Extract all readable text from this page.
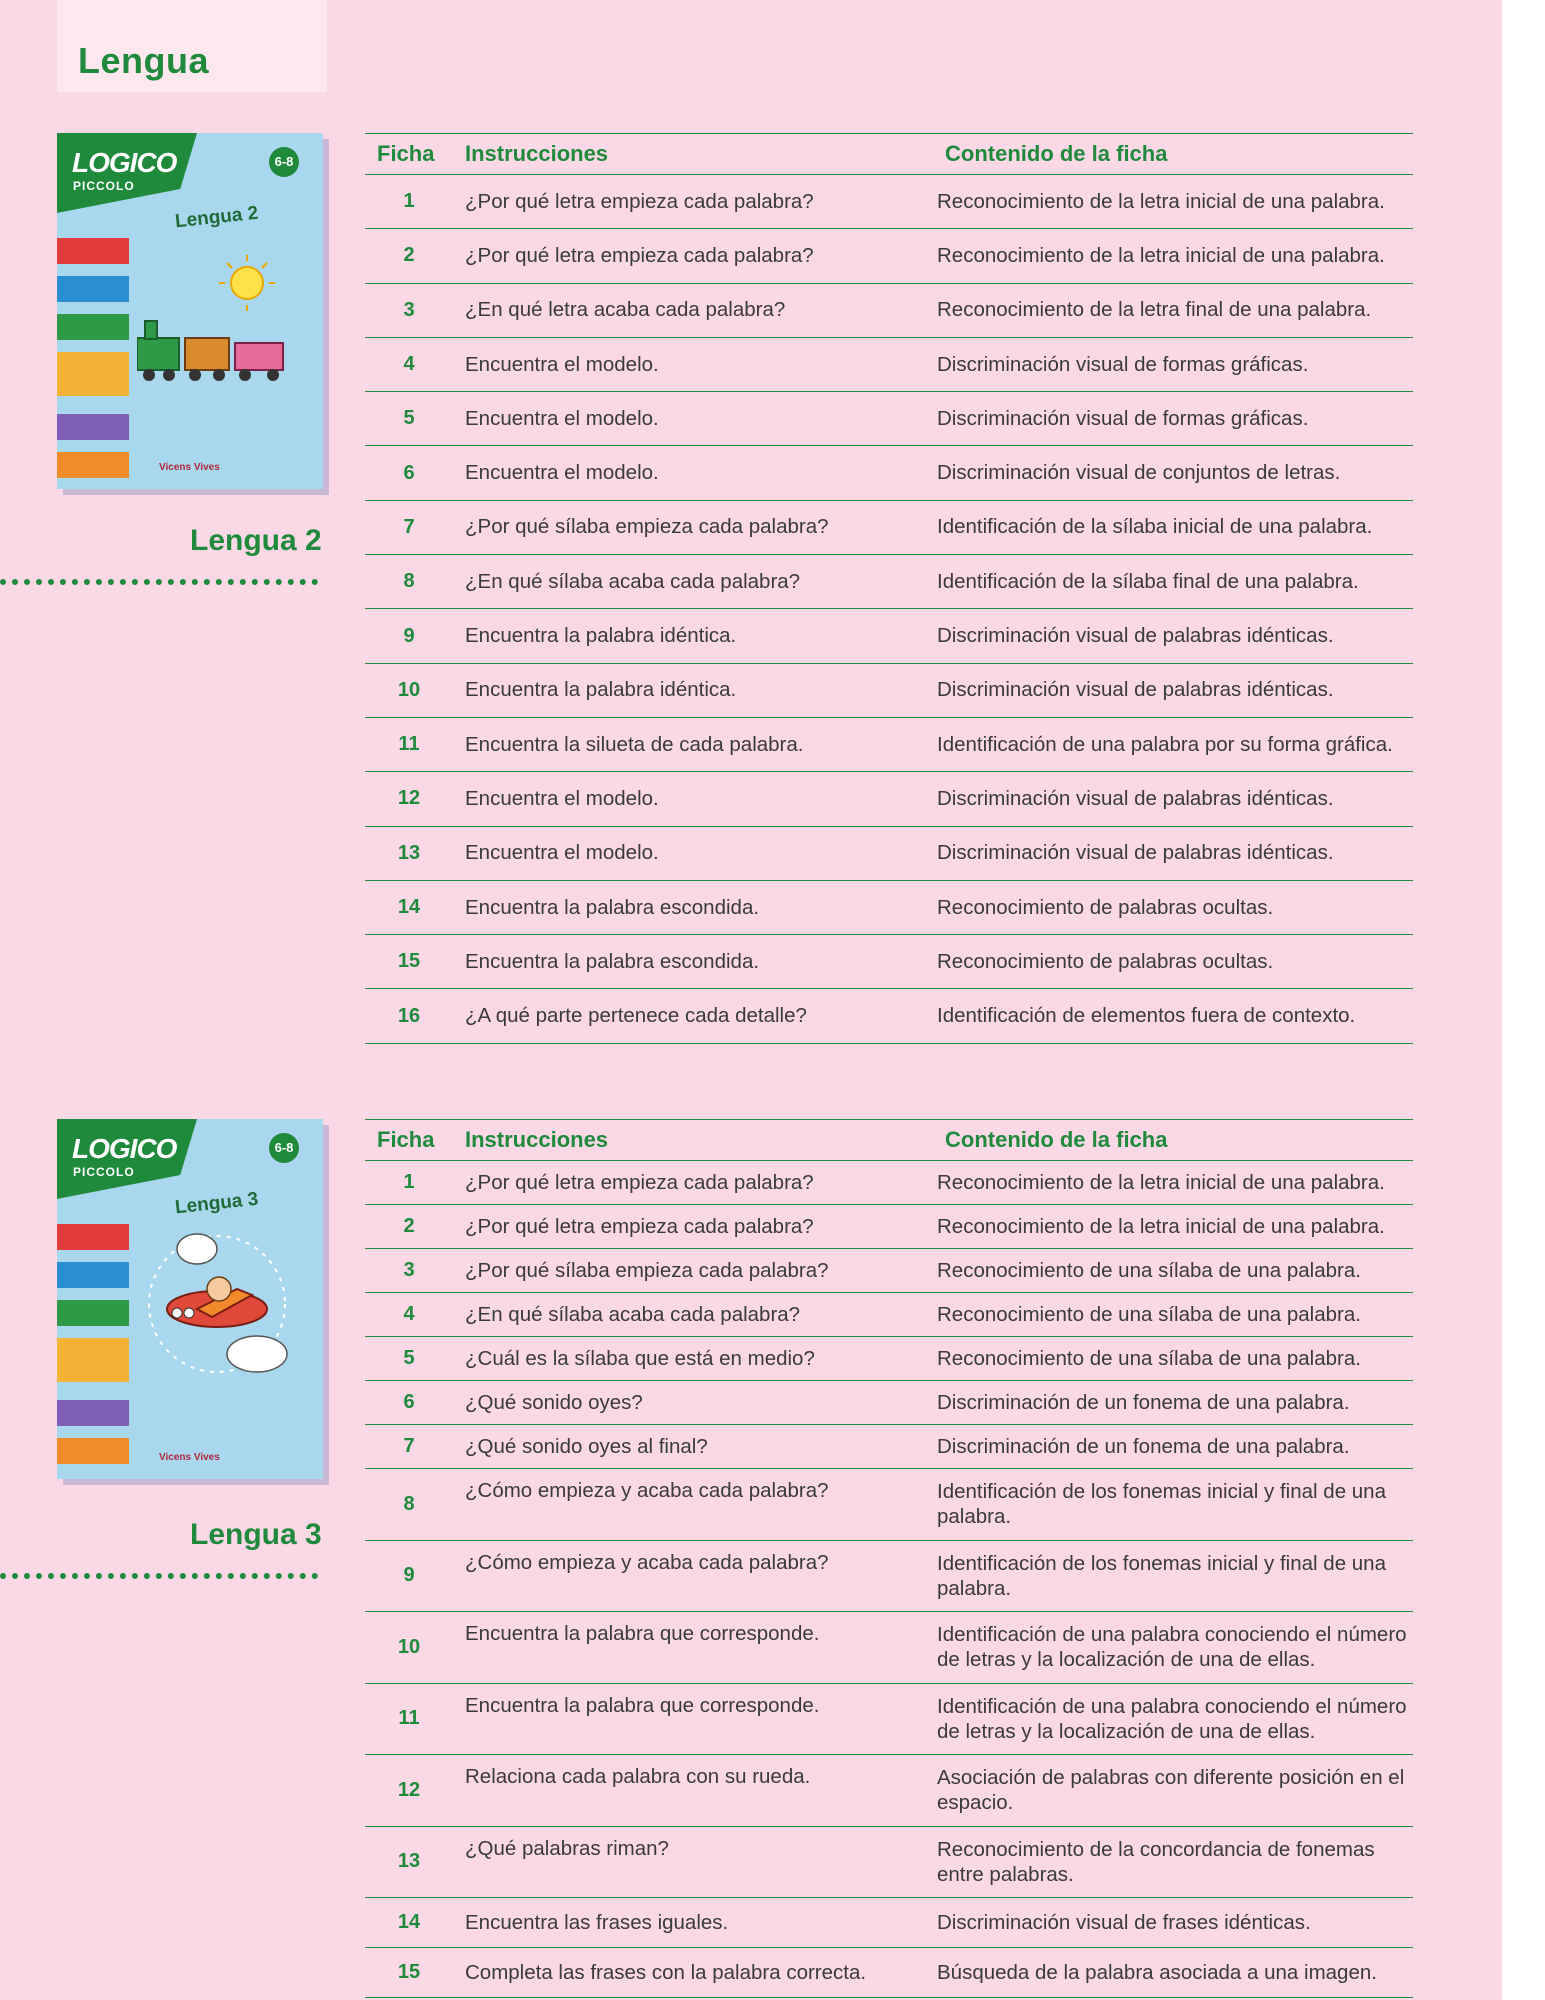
Lengua
LOGICO
PICCOLO
6-8
Lengua 2
Vicens Vives
Lengua 2
Ficha	Instrucciones	Contenido de la ficha
1	¿Por qué letra empieza cada palabra?	Reconocimiento de la letra inicial de una palabra.
2	¿Por qué letra empieza cada palabra?	Reconocimiento de la letra inicial de una palabra.
3	¿En qué letra acaba cada palabra?	Reconocimiento de la letra final de una palabra.
4	Encuentra el modelo.	Discriminación visual de formas gráficas.
5	Encuentra el modelo.	Discriminación visual de formas gráficas.
6	Encuentra el modelo.	Discriminación visual de conjuntos de letras.
7	¿Por qué sílaba empieza cada palabra?	Identificación de la sílaba inicial de una palabra.
8	¿En qué sílaba acaba cada palabra?	Identificación de la sílaba final de una palabra.
9	Encuentra la palabra idéntica.	Discriminación visual de palabras idénticas.
10	Encuentra la palabra idéntica.	Discriminación visual de palabras idénticas.
11	Encuentra la silueta de cada palabra.	Identificación de una palabra por su forma gráfica.
12	Encuentra el modelo.	Discriminación visual de palabras idénticas.
13	Encuentra el modelo.	Discriminación visual de palabras idénticas.
14	Encuentra la palabra escondida.	Reconocimiento de palabras ocultas.
15	Encuentra la palabra escondida.	Reconocimiento de palabras ocultas.
16	¿A qué parte pertenece cada detalle?	Identificación de elementos fuera de contexto.
LOGICO
PICCOLO
6-8
Lengua 3
Vicens Vives
Lengua 3
Ficha	Instrucciones	Contenido de la ficha
1	¿Por qué letra empieza cada palabra?	Reconocimiento de la letra inicial de una palabra.
2	¿Por qué letra empieza cada palabra?	Reconocimiento de la letra inicial de una palabra.
3	¿Por qué sílaba empieza cada palabra?	Reconocimiento de una sílaba de una palabra.
4	¿En qué sílaba acaba cada palabra?	Reconocimiento de una sílaba de una palabra.
5	¿Cuál es la sílaba que está en medio?	Reconocimiento de una sílaba de una palabra.
6	¿Qué sonido oyes?	Discriminación de un fonema de una palabra.
7	¿Qué sonido oyes al final?	Discriminación de un fonema de una palabra.
8	¿Cómo empieza y acaba cada palabra?	Identificación de los fonemas inicial y final de una palabra.
9	¿Cómo empieza y acaba cada palabra?	Identificación de los fonemas inicial y final de una palabra.
10	Encuentra la palabra que corresponde.	Identificación de una palabra conociendo el número de letras y la localización de una de ellas.
11	Encuentra la palabra que corresponde.	Identificación de una palabra conociendo el número de letras y la localización de una de ellas.
12	Relaciona cada palabra con su rueda.	Asociación de palabras con diferente posición en el espacio.
13	¿Qué palabras riman?	Reconocimiento de la concordancia de fonemas entre palabras.
14	Encuentra las frases iguales.	Discriminación visual de frases idénticas.
15	Completa las frases con la palabra correcta.	Búsqueda de la palabra asociada a una imagen.
